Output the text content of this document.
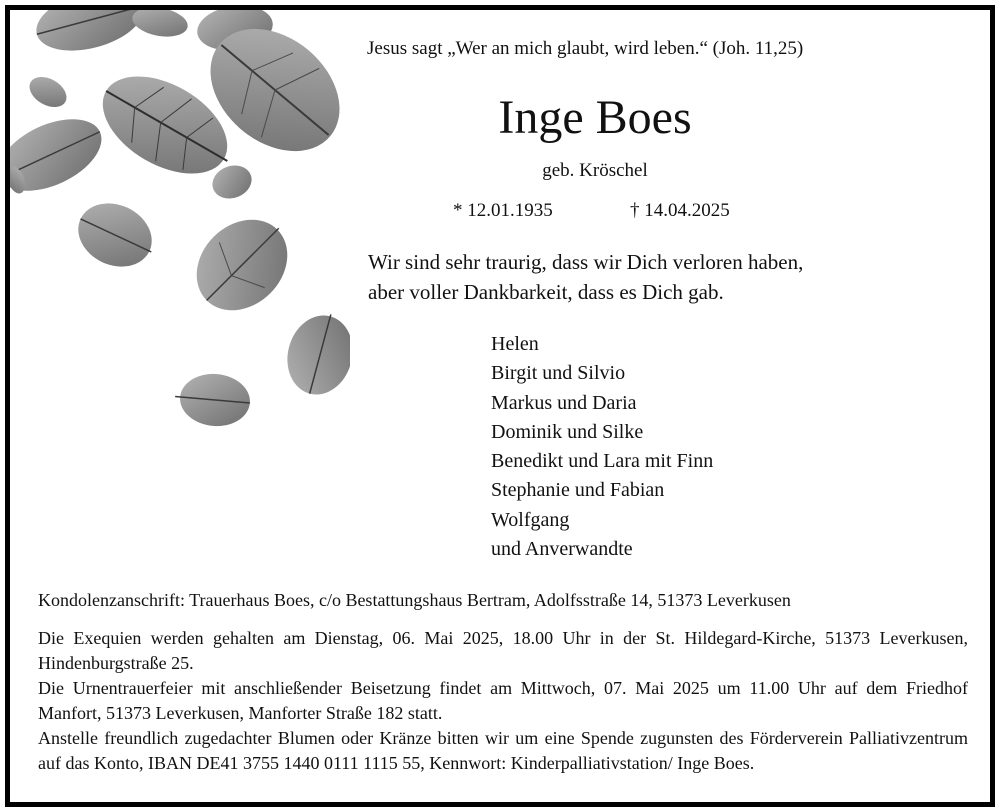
Jesus sagt „Wer an mich glaubt, wird leben.“ (Joh. 11,25)
Inge Boes
geb. Kröschel
* 12.01.1935	† 14.04.2025
Wir sind sehr traurig, dass wir Dich verloren haben,
aber voller Dankbarkeit, dass es Dich gab.
Helen
Birgit und Silvio
Markus und Daria
Dominik und Silke
Benedikt und Lara mit Finn
Stephanie und Fabian
Wolfgang
und Anverwandte
Kondolenzanschrift: Trauerhaus Boes, c/o Bestattungshaus Bertram, Adolfsstraße 14, 51373 Leverkusen

Die Exequien werden gehalten am Dienstag, 06. Mai 2025, 18.00 Uhr in der St. Hildegard-Kirche, 51373 Leverkusen, Hindenburgstraße 25.

Die Urnentrauerfeier mit anschließender Beisetzung findet am Mittwoch, 07. Mai 2025 um 11.00 Uhr auf dem Friedhof Manfort, 51373 Leverkusen, Manforter Straße 182 statt.

Anstelle freundlich zugedachter Blumen oder Kränze bitten wir um eine Spende zugunsten des Förderverein Palliativzentrum auf das Konto, IBAN DE41 3755 1440 0111 1115 55, Kennwort: Kinderpalliativstation/ Inge Boes.
